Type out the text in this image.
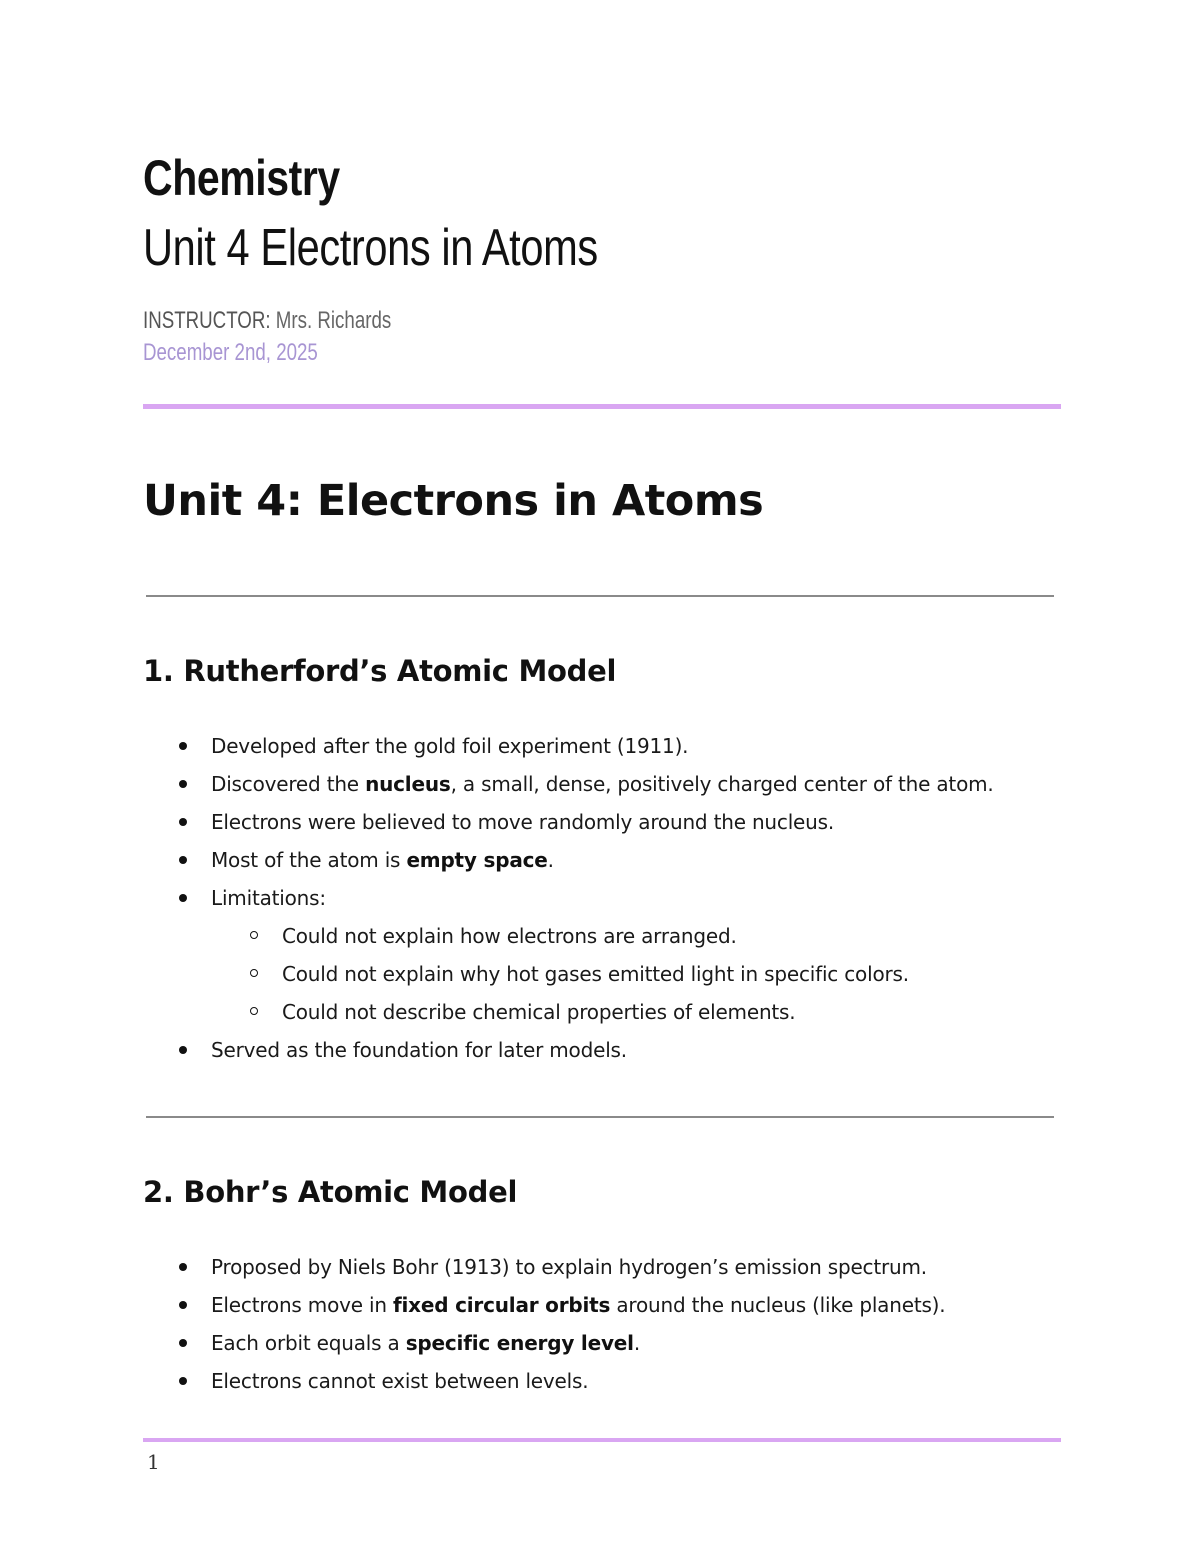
Chemistry
Unit 4 Electrons in Atoms
INSTRUCTOR: Mrs. Richards
December 2nd, 2025
Unit 4: Electrons in Atoms
1. Rutherford’s Atomic Model
Developed after the gold foil experiment (1911).
Discovered the nucleus, a small, dense, positively charged center of the atom.
Electrons were believed to move randomly around the nucleus.
Most of the atom is empty space.
Limitations:
Could not explain how electrons are arranged.
Could not explain why hot gases emitted light in specific colors.
Could not describe chemical properties of elements.
Served as the foundation for later models.
2. Bohr’s Atomic Model
Proposed by Niels Bohr (1913) to explain hydrogen’s emission spectrum.
Electrons move in fixed circular orbits around the nucleus (like planets).
Each orbit equals a specific energy level.
Electrons cannot exist between levels.
1
